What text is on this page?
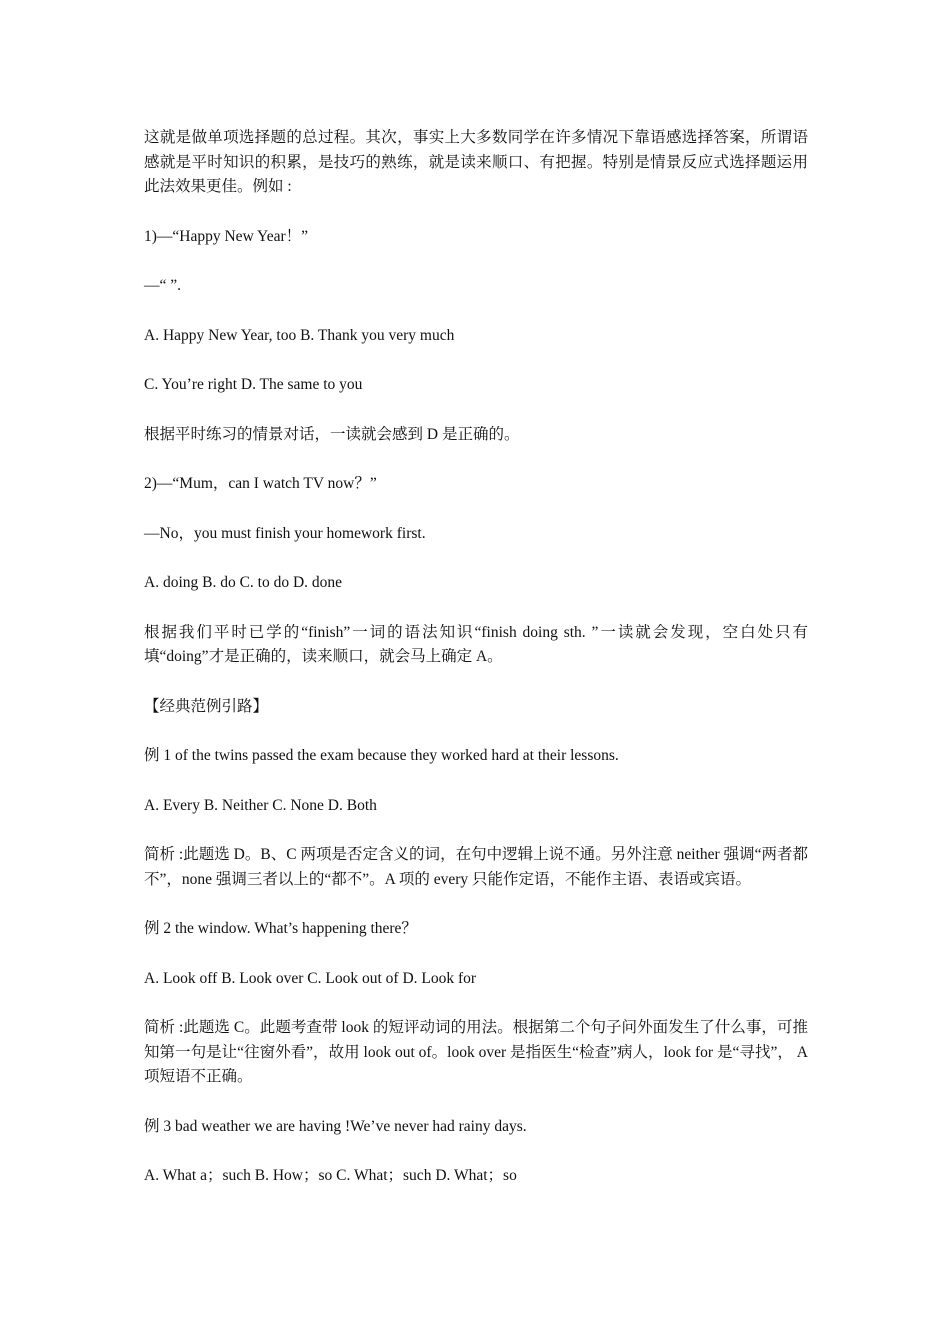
这就是做单项选择题的总过程。其次，事实上大多数同学在许多情况下靠语感选择答案，所谓语感就是平时知识的积累，是技巧的熟练，就是读来顺口、有把握。特别是情景反应式选择题运用此法效果更佳。例如 :

1)—“Happy New Year！”

—“ ”.

A. Happy New Year, too B. Thank you very much

C. You’re right D. The same to you

根据平时练习的情景对话，一读就会感到 D 是正确的。

2)—“Mum，can I watch TV now？”

—No，you must finish your homework first.

A. doing B. do C. to do D. done

根据我们平时已学的“finish”一词的语法知识“finish doing sth. ”一读就会发现，空白处只有填“doing”才是正确的，读来顺口，就会马上确定 A。

【经典范例引路】

例 1 of the twins passed the exam because they worked hard at their lessons.

A. Every B. Neither C. None D. Both

简析 :此题选 D。B、C 两项是否定含义的词，在句中逻辑上说不通。另外注意 neither 强调“两者都不”，none 强调三者以上的“都不”。A 项的 every 只能作定语，不能作主语、表语或宾语。

例 2 the window. What’s happening there？

A. Look off B. Look over C. Look out of D. Look for

简析 :此题选 C。此题考查带 look 的短评动词的用法。根据第二个句子问外面发生了什么事，可推知第一句是让“往窗外看”，故用 look out of。look over 是指医生“检查”病人，look for 是“寻找”， A 项短语不正确。

例 3 bad weather we are having !We’ve never had rainy days.

A. What a；such B. How；so C. What；such D. What；so
